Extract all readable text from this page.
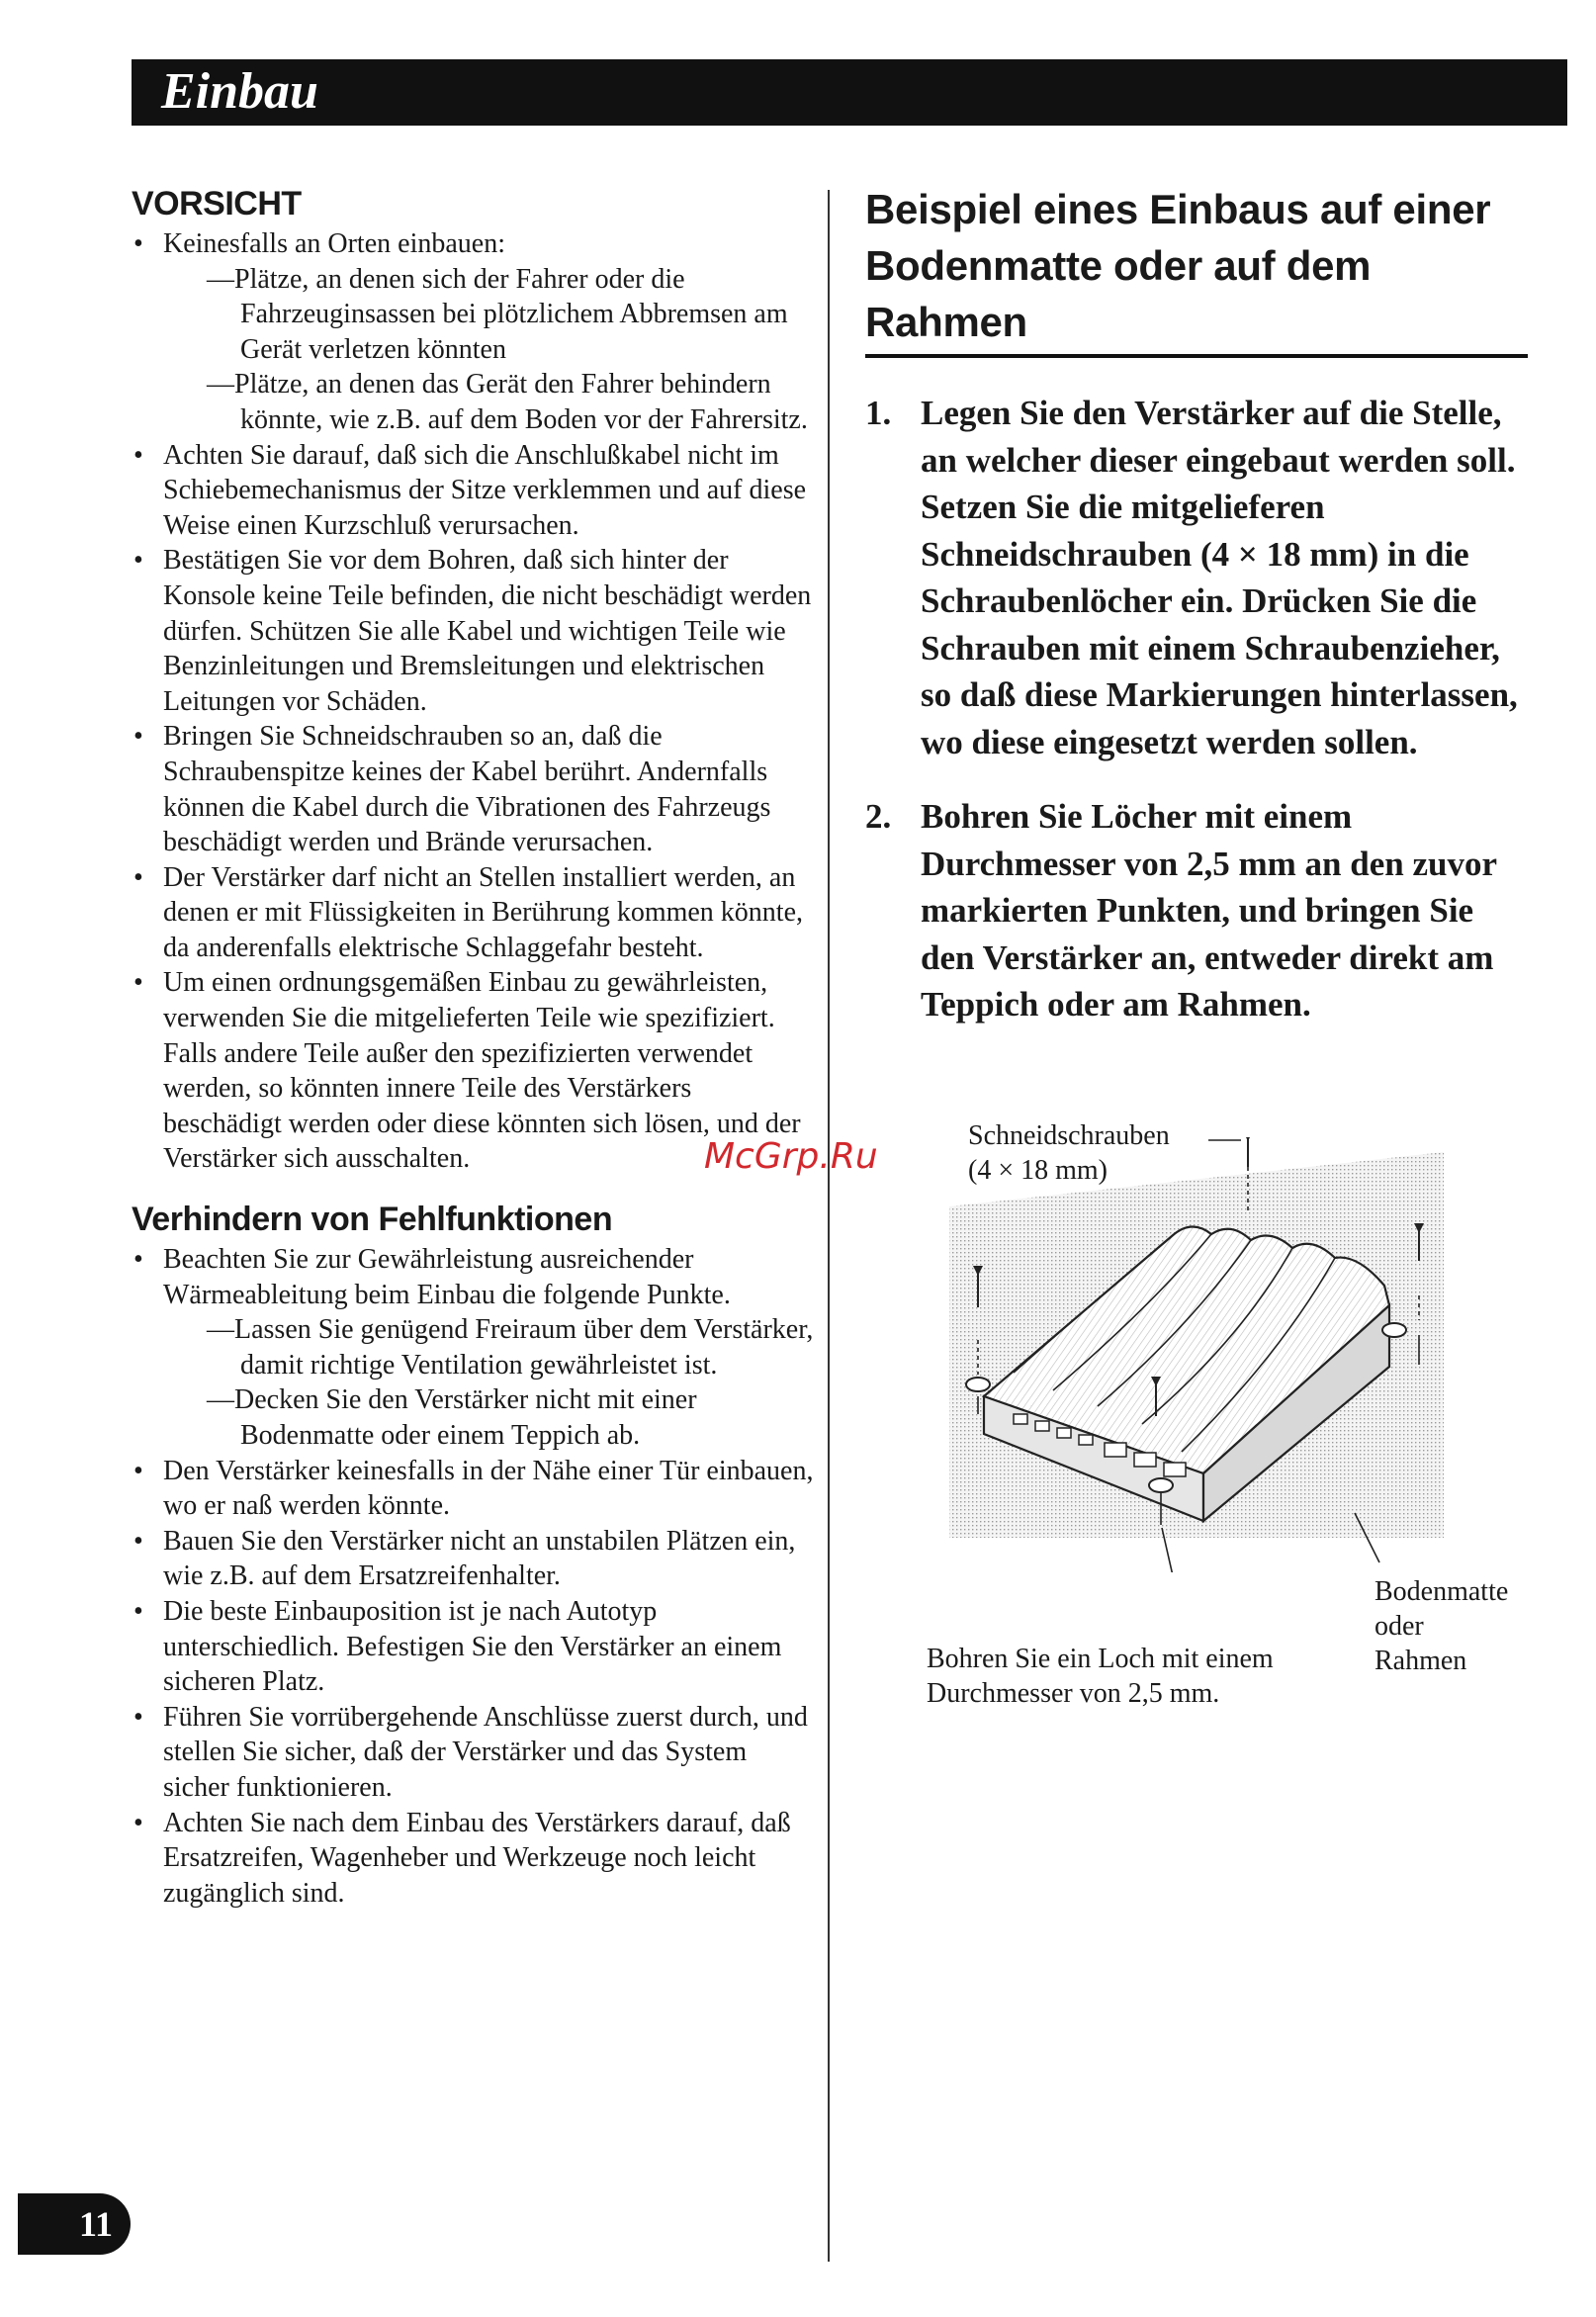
Einbau
VORSICHT
• Keinesfalls an Orten einbauen:
—Plätze, an denen sich der Fahrer oder die Fahrzeuginsassen bei plötzlichem Abbremsen am Gerät verletzen könnten
—Plätze, an denen das Gerät den Fahrer behindern könnte, wie z.B. auf dem Boden vor der Fahrersitz.
• Achten Sie darauf, daß sich die Anschlußkabel nicht im Schiebemechanismus der Sitze verklemmen und auf diese Weise einen Kurzschluß verursachen.
• Bestätigen Sie vor dem Bohren, daß sich hinter der Konsole keine Teile befinden, die nicht beschädigt werden dürfen. Schützen Sie alle Kabel und wichtigen Teile wie Benzinleitungen und Bremsleitungen und elektrischen Leitungen vor Schäden.
• Bringen Sie Schneidschrauben so an, daß die Schraubenspitze keines der Kabel berührt. Andernfalls können die Kabel durch die Vibrationen des Fahrzeugs beschädigt werden und Brände verursachen.
• Der Verstärker darf nicht an Stellen installiert werden, an denen er mit Flüssigkeiten in Berührung kommen könnte, da anderenfalls elektrische Schlaggefahr besteht.
• Um einen ordnungsgemäßen Einbau zu gewährleisten, verwenden Sie die mitgelieferten Teile wie spezifiziert. Falls andere Teile außer den spezifizierten verwendet werden, so könnten innere Teile des Verstärkers beschädigt werden oder diese könnten sich lösen, und der Verstärker sich ausschalten.
Verhindern von Fehlfunktionen
• Beachten Sie zur Gewährleistung ausreichender Wärmeableitung beim Einbau die folgende Punkte.
—Lassen Sie genügend Freiraum über dem Verstärker, damit richtige Ventilation gewährleistet ist.
—Decken Sie den Verstärker nicht mit einer Bodenmatte oder einem Teppich ab.
• Den Verstärker keinesfalls in der Nähe einer Tür einbauen, wo er naß werden könnte.
• Bauen Sie den Verstärker nicht an unstabilen Plätzen ein, wie z.B. auf dem Ersatzreifenhalter.
• Die beste Einbauposition ist je nach Autotyp unterschiedlich. Befestigen Sie den Verstärker an einem sicheren Platz.
• Führen Sie vorrübergehende Anschlüsse zuerst durch, und stellen Sie sicher, daß der Verstärker und das System sicher funktionieren.
• Achten Sie nach dem Einbau des Verstärkers darauf, daß Ersatzreifen, Wagenheber und Werkzeuge noch leicht zugänglich sind.
Beispiel eines Einbaus auf einer Bodenmatte oder auf dem Rahmen
1. Legen Sie den Verstärker auf die Stelle, an welcher dieser eingebaut werden soll. Setzen Sie die mitgelieferen Schneidschrauben (4 × 18 mm) in die Schraubenlöcher ein. Drücken Sie die Schrauben mit einem Schraubenzieher, so daß diese Markierungen hinterlassen, wo diese eingesetzt werden sollen.
2. Bohren Sie Löcher mit einem Durchmesser von 2,5 mm an den zuvor markierten Punkten, und bringen Sie den Verstärker an, entweder direkt am Teppich oder am Rahmen.
Schneidschrauben
(4 × 18 mm)
Bohren Sie ein Loch mit einem
Durchmesser von 2,5 mm.
Bodenmatte
oder
Rahmen
McGrp.Ru
11
